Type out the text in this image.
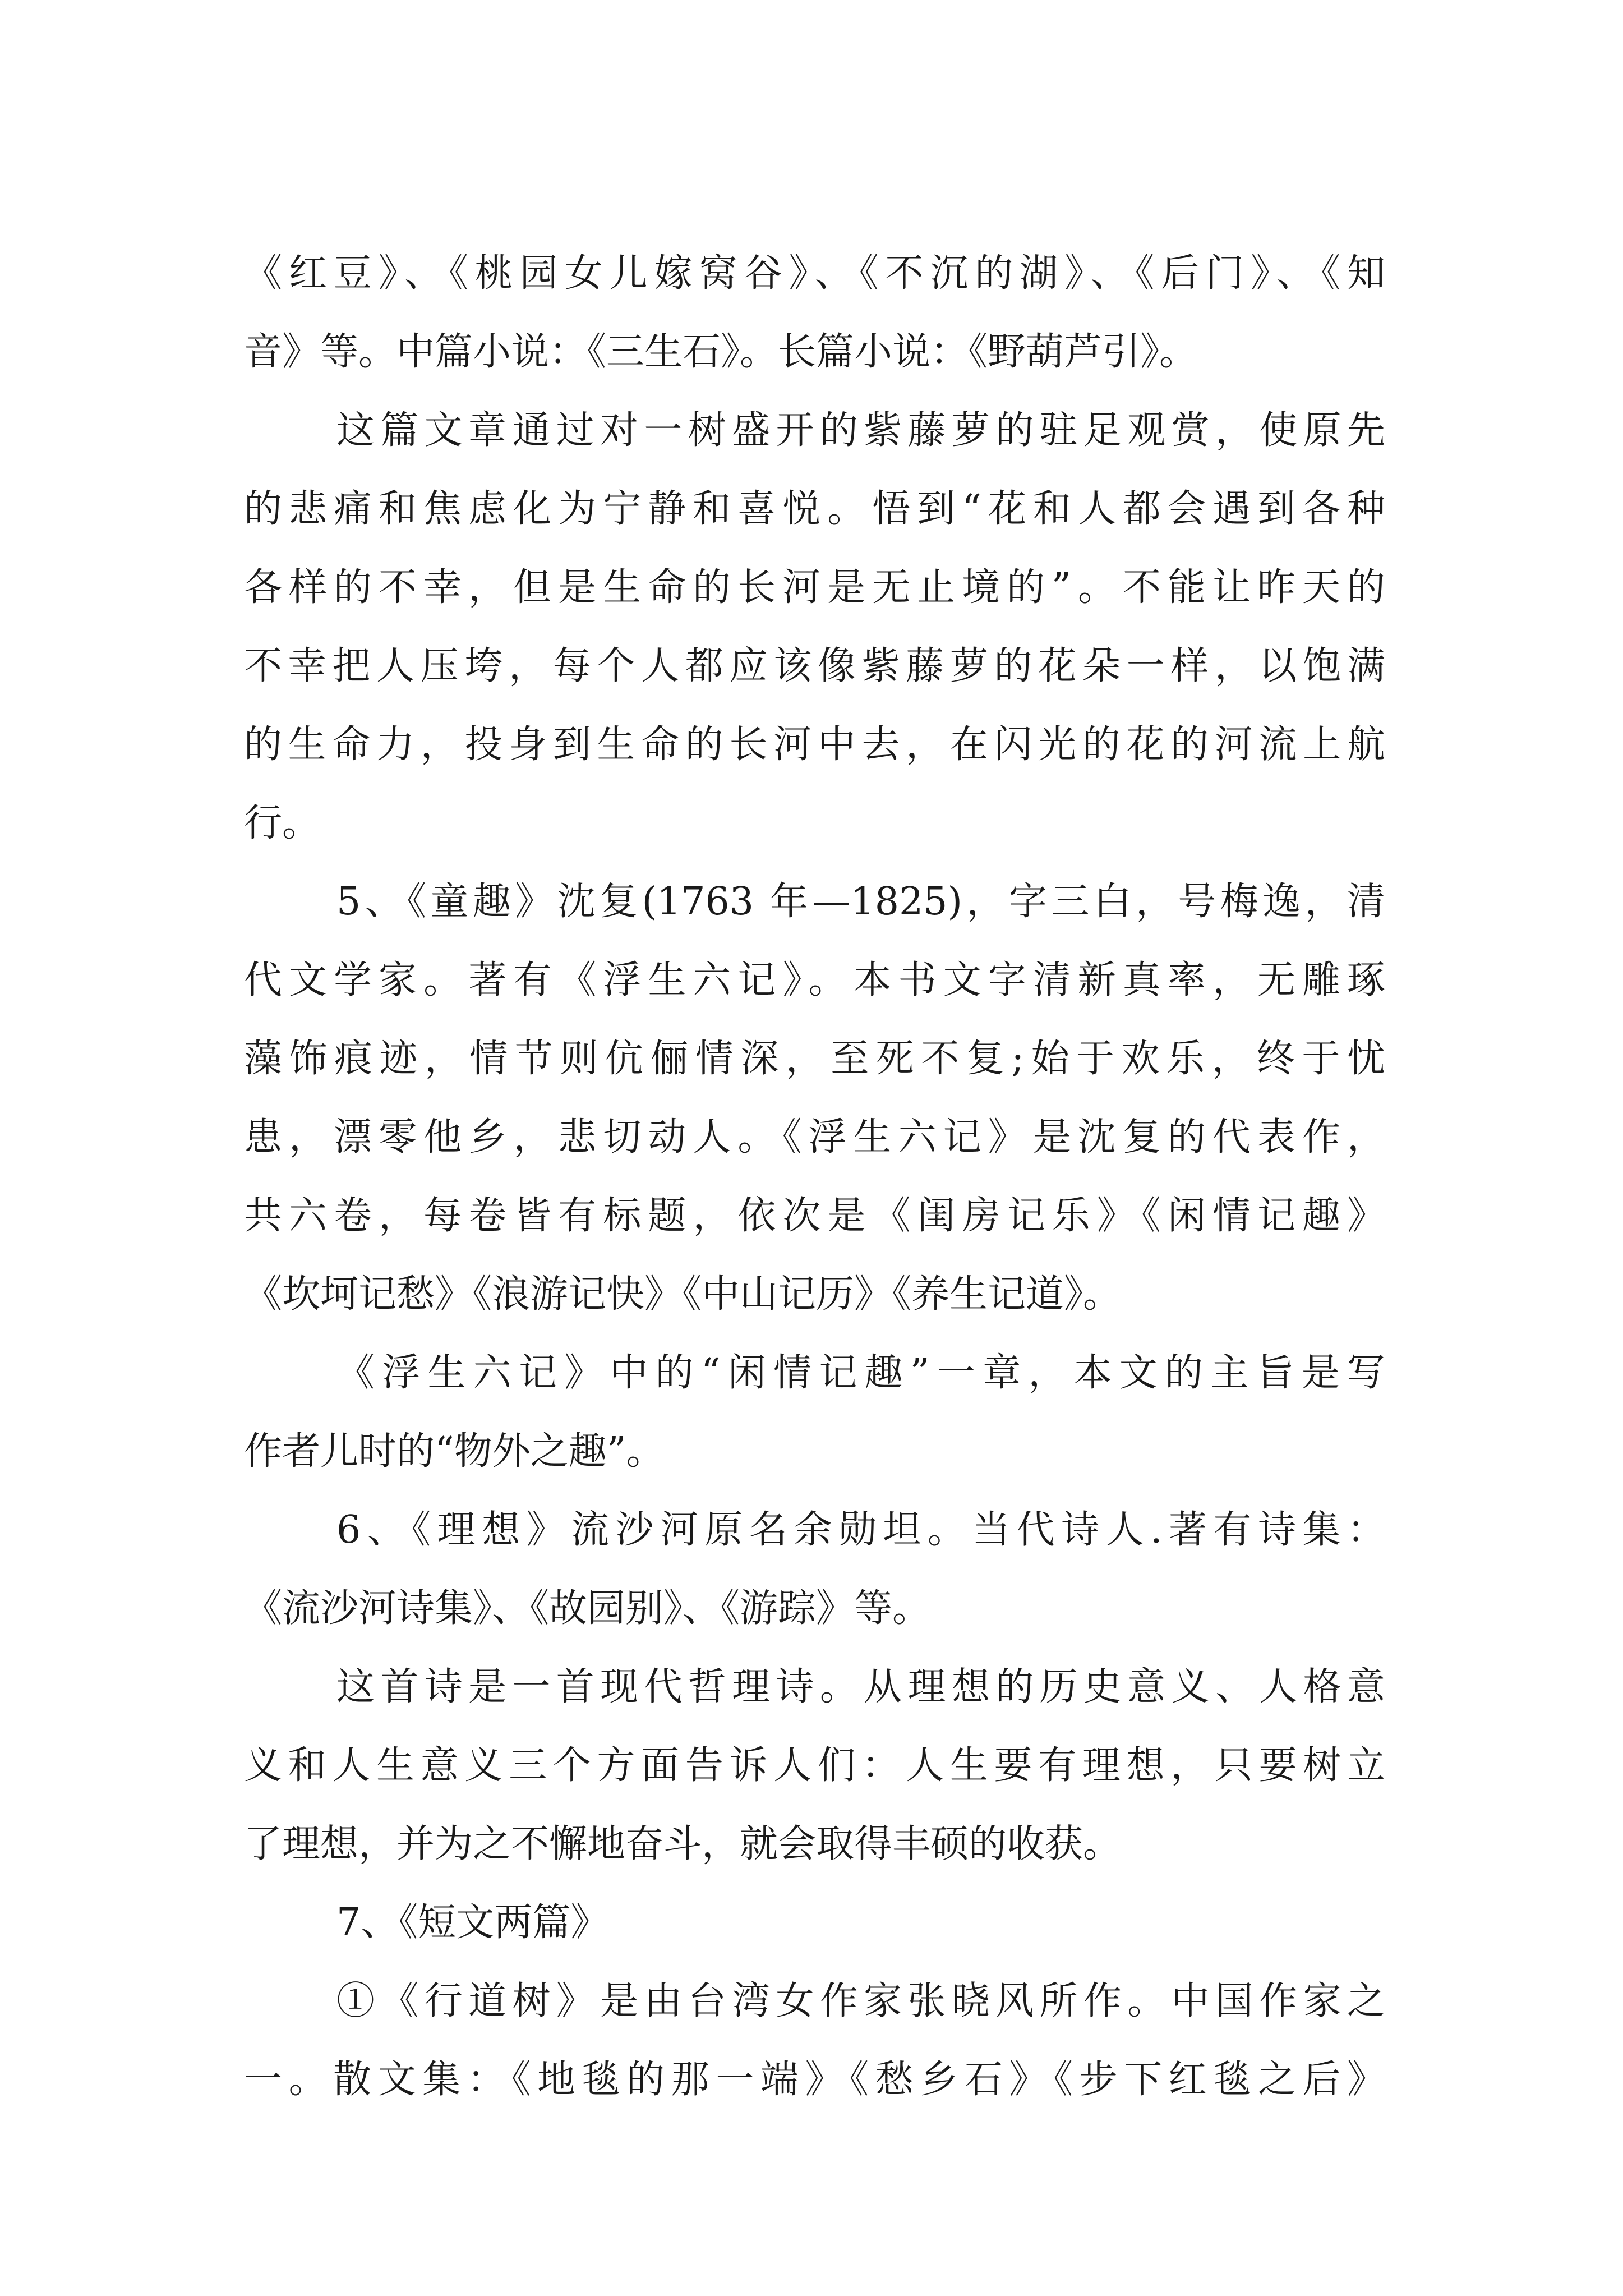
《红豆》、《桃园女儿嫁窝谷》、《不沉的湖》、《后门》、《知

音》等。中篇小说：《三生石》。长篇小说：《野葫芦引》。

这篇文章通过对一树盛开的紫藤萝的驻足观赏，使原先

的悲痛和焦虑化为宁静和喜悦。悟到“花和人都会遇到各种

各样的不幸，但是生命的长河是无止境的”。不能让昨天的

不幸把人压垮，每个人都应该像紫藤萝的花朵一样，以饱满

的生命力，投身到生命的长河中去，在闪光的花的河流上航

行。

5、《童趣》沈复(1763 年—1825)，字三白，号梅逸，清

代文学家。著有《浮生六记》。本书文字清新真率，无雕琢

藻饰痕迹，情节则伉俪情深，至死不复;始于欢乐，终于忧

患，漂零他乡，悲切动人。《浮生六记》是沈复的代表作，

共六卷，每卷皆有标题，依次是《闺房记乐》《闲情记趣》

《坎坷记愁》《浪游记快》《中山记历》《养生记道》。

《浮生六记》中的“闲情记趣”一章，本文的主旨是写

作者儿时的“物外之趣”。

6、《理想》流沙河原名余勋坦。当代诗人.著有诗集：

《流沙河诗集》、《故园别》、《游踪》等。

这首诗是一首现代哲理诗。从理想的历史意义、人格意

义和人生意义三个方面告诉人们：人生要有理想，只要树立

了理想，并为之不懈地奋斗，就会取得丰硕的收获。

7、《短文两篇》

①《行道树》是由台湾女作家张晓风所作。中国作家之

一。散文集：《地毯的那一端》《愁乡石》《步下红毯之后》
